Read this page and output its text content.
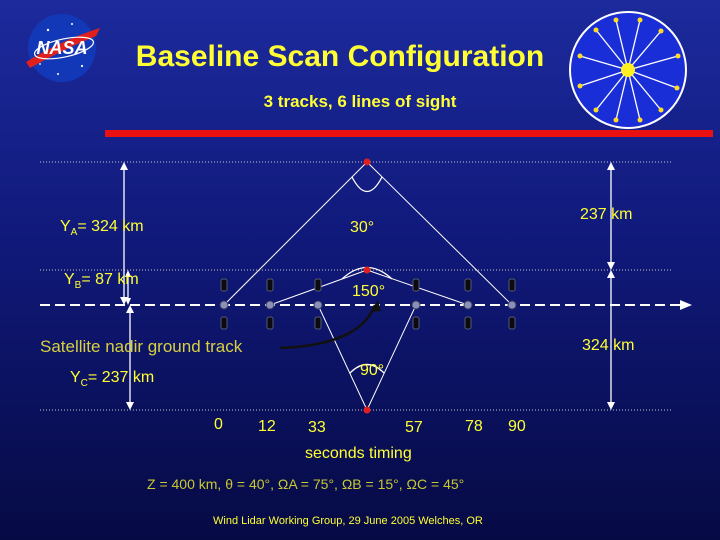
NASA	Baseline Scan Configuration
3 tracks, 6 lines of sight
$Y_A= 324$ km
$Y_B= 87$ km
$Y_C= 237$ km
237 km
324 km
30°
150°
90°
Satellite nadir ground track
0 12 33	57	78 90
seconds timing
Z = 400 km, θ = 40°, ΩA = 75°, ΩB = 15°, ΩC = 45°
Wind Lidar Working Group, 29 June 2005 Welches, OR
